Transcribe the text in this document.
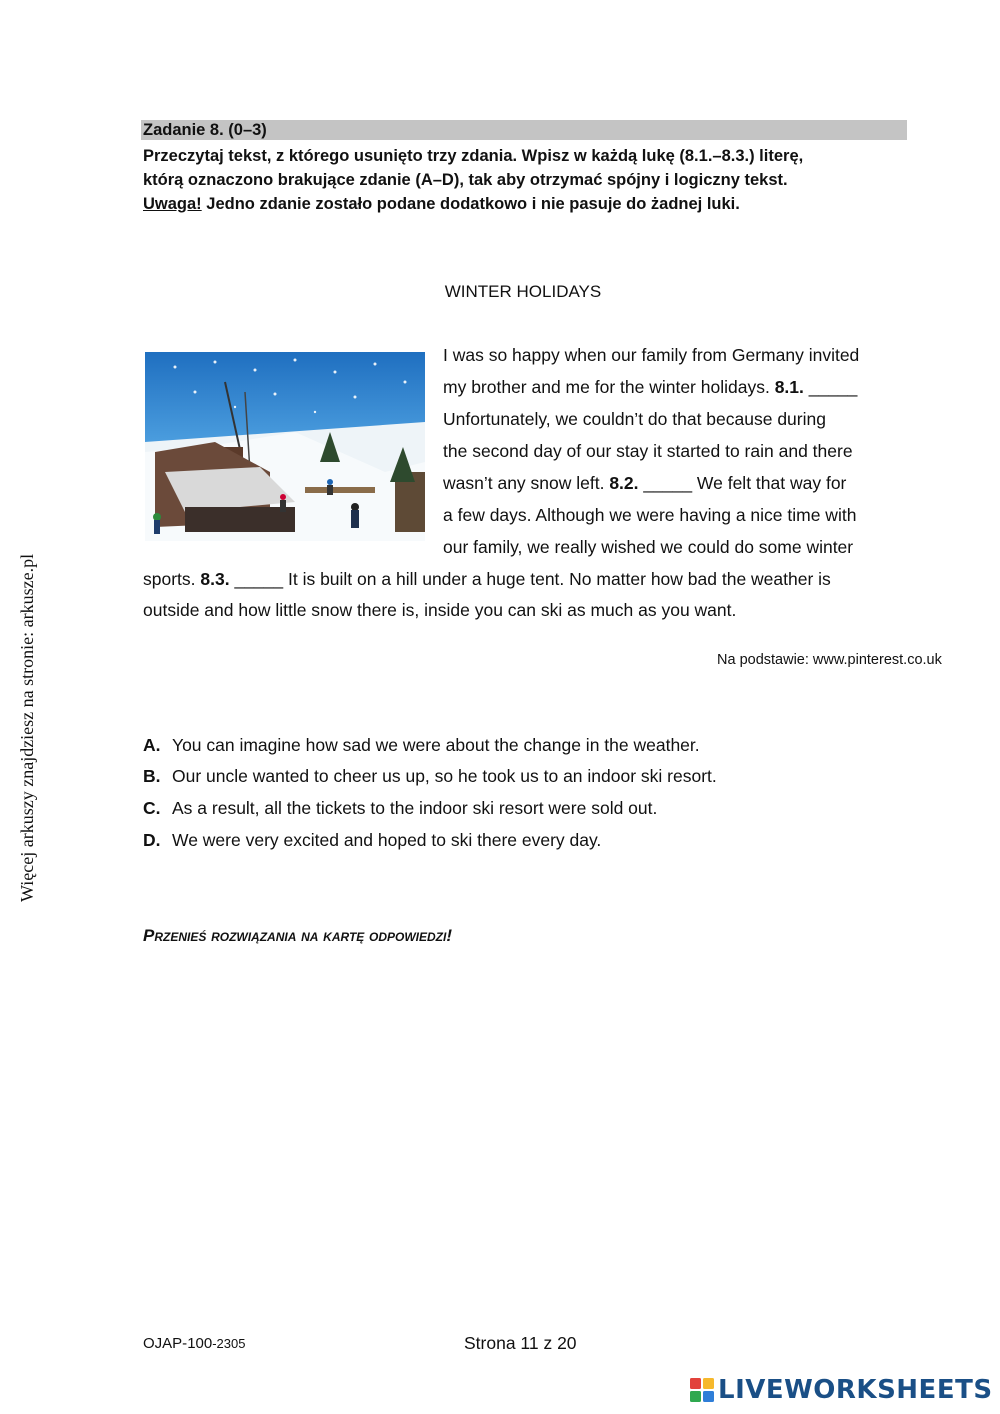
Zadanie 8. (0–3)
Przeczytaj tekst, z którego usunięto trzy zdania. Wpisz w każdą lukę (8.1.–8.3.) literę,
którą oznaczono brakujące zdanie (A–D), tak aby otrzymać spójny i logiczny tekst.
Uwaga! Jedno zdanie zostało podane dodatkowo i nie pasuje do żadnej luki.
WINTER HOLIDAYS
I was so happy when our family from Germany invited
my brother and me for the winter holidays. 8.1. _____
Unfortunately, we couldn’t do that because during
the second day of our stay it started to rain and there
wasn’t any snow left. 8.2. _____ We felt that way for
a few days. Although we were having a nice time with
our family, we really wished we could do some winter
sports. 8.3. _____ It is built on a hill under a huge tent. No matter how bad the weather is
outside and how little snow there is, inside you can ski as much as you want.
Na podstawie: www.pinterest.co.uk
A. You can imagine how sad we were about the change in the weather.
B. Our uncle wanted to cheer us up, so he took us to an indoor ski resort.
C. As a result, all the tickets to the indoor ski resort were sold out.
D. We were very excited and hoped to ski there every day.
Przenieś rozwiązania na kartę odpowiedzi!
Więcej arkuszy znajdziesz na stronie: arkusze.pl
OJAP-100-2305	Strona 11 z 20
LIVEWORKSHEETS
